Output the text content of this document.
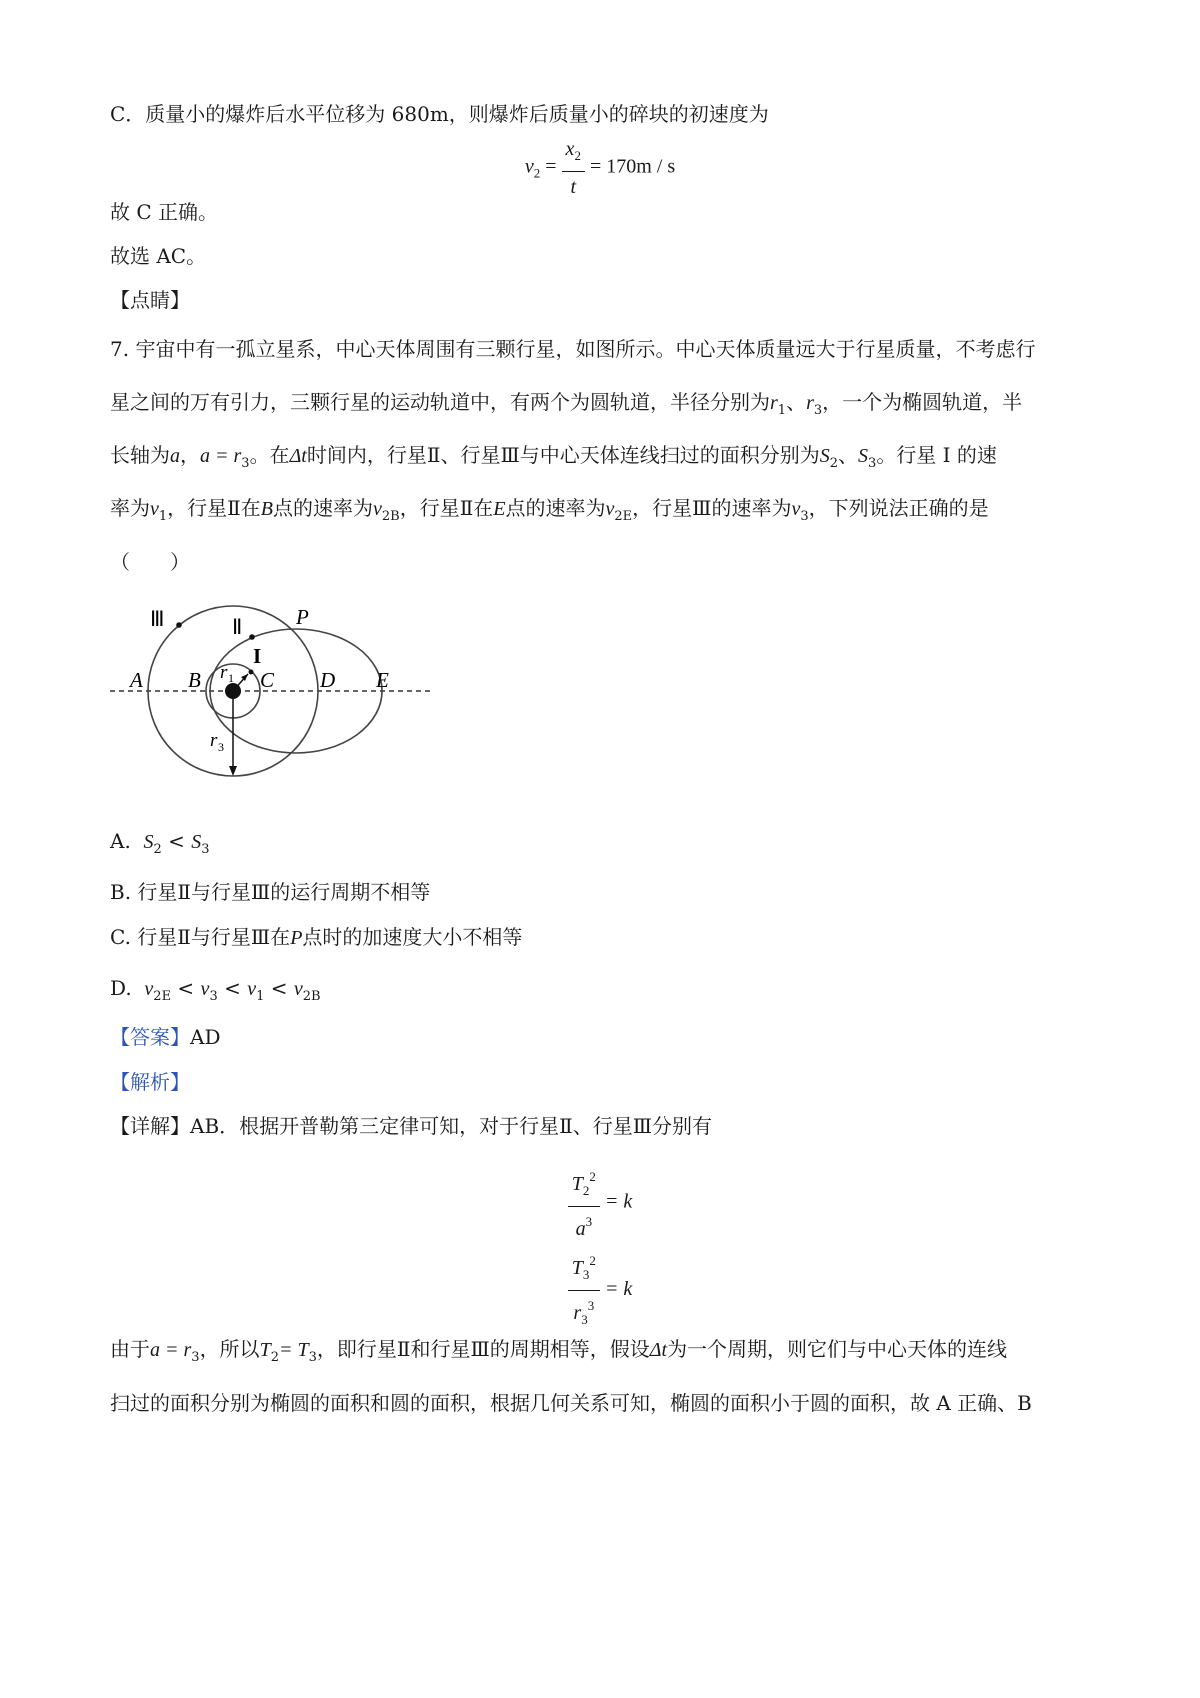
C．质量小的爆炸后水平位移为 680m，则爆炸后质量小的碎块的初速度为
$v_2 = \frac{x_2}{t} = 170m / s$
故 C 正确。
故选 AC。
【点睛】
7. 宇宙中有一孤立星系，中心天体周围有三颗行星，如图所示。中心天体质量远大于行星质量，不考虑行
星之间的万有引力，三颗行星的运动轨道中，有两个为圆轨道，半径分别为$r_1$、$r_3$，一个为椭圆轨道，半
长轴为a，$a = r_3$。在Δt时间内，行星Ⅱ、行星Ⅲ与中心天体连线扫过的面积分别为$S_2$、$S_3$。行星 I 的速
率为$v_1$，行星Ⅱ在B点的速率为$v_{2B}$，行星Ⅱ在E点的速率为$v_{2E}$，行星Ⅲ的速率为$v_3$，下列说法正确的是
（　　）
Ⅲ	Ⅱ	P
I
A B	C D E
r 1
r 3
A. $S_2 < S_3$
B. 行星Ⅱ与行星Ⅲ的运行周期不相等
C. 行星Ⅱ与行星Ⅲ在P点时的加速度大小不相等
D. $v_{2E} < v_3 < v_1 < v_{2B}$
【答案】AD
【解析】
【详解】AB．根据开普勒第三定律可知，对于行星Ⅱ、行星Ⅲ分别有
$\frac{T_2^2}{a^3} = k$
$\frac{T_3^2}{r_3^3} = k$
由于$a = r_3$，所以$T_2= T_3$，即行星Ⅱ和行星Ⅲ的周期相等，假设Δt为一个周期，则它们与中心天体的连线
扫过的面积分别为椭圆的面积和圆的面积，根据几何关系可知，椭圆的面积小于圆的面积，故 A 正确、B
